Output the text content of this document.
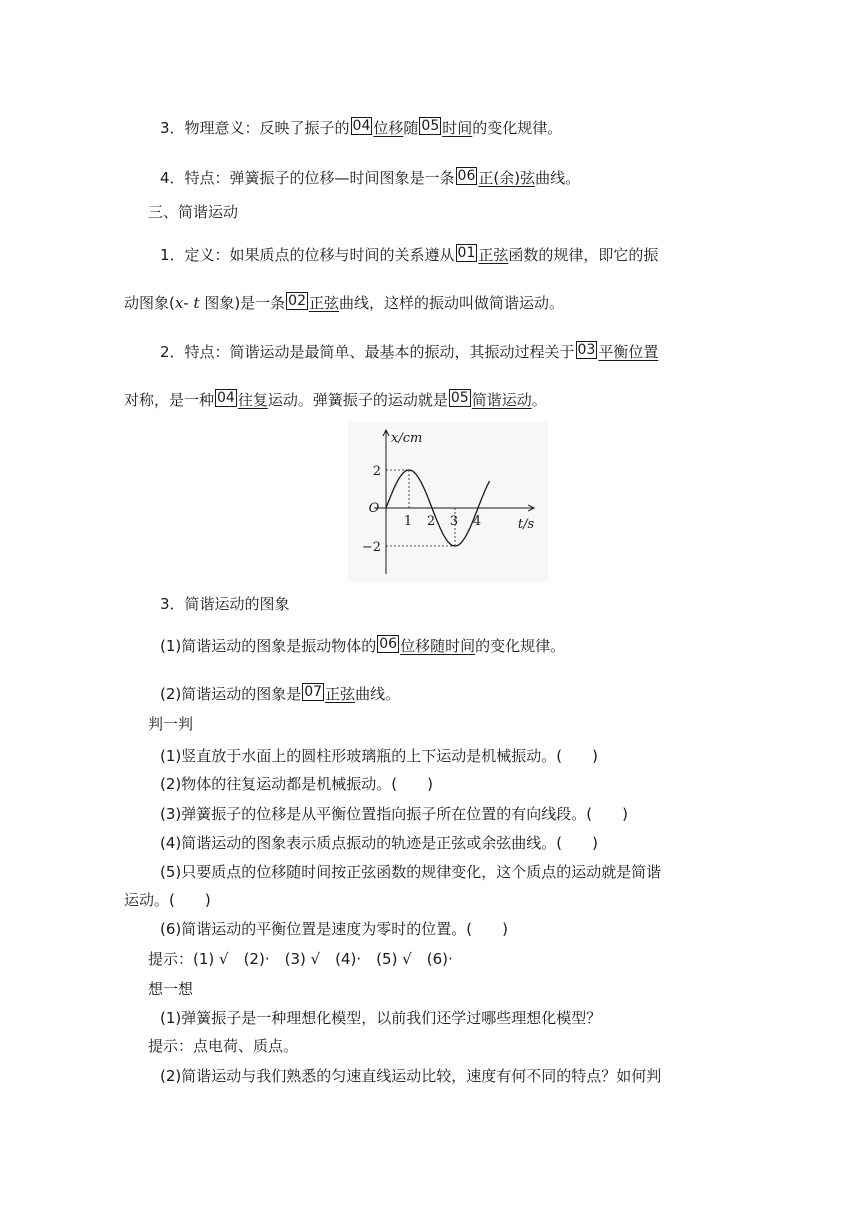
3．物理意义：反映了振子的 04 位移随 05 时间的变化规律。
4．特点：弹簧振子的位移—时间图象是一条 06 正(余)弦曲线。
三、简谐运动
1．定义：如果质点的位移与时间的关系遵从 01 正弦函数的规律，即它的振
动图象(x- t 图象)是一条 02 正弦曲线，这样的振动叫做简谐运动。
2．特点：简谐运动是最简单、最基本的振动，其振动过程关于 03 平衡位置
对称，是一种 04 往复运动。弹簧振子的运动就是 05 简谐运动。
1 2 3 4
2
−2
O
x/cm
t/s
3．简谐运动的图象
(1)简谐运动的图象是振动物体的 06 位移随时间的变化规律。
(2)简谐运动的图象是 07 正弦曲线。
判一判
(1)竖直放于水面上的圆柱形玻璃瓶的上下运动是机械振动。(　　)
(2)物体的往复运动都是机械振动。(　　)
(3)弹簧振子的位移是从平衡位置指向振子所在位置的有向线段。(　　)
(4)简谐运动的图象表示质点振动的轨迹是正弦或余弦曲线。(　　)
(5)只要质点的位移随时间按正弦函数的规律变化，这个质点的运动就是简谐
运动。(　　)
(6)简谐运动的平衡位置是速度为零时的位置。(　　)
提示：(1) √　(2)·　(3) √　(4)·　(5) √　(6)·
想一想
(1)弹簧振子是一种理想化模型，以前我们还学过哪些理想化模型？
提示：点电荷、质点。
(2)简谐运动与我们熟悉的匀速直线运动比较，速度有何不同的特点？如何判
